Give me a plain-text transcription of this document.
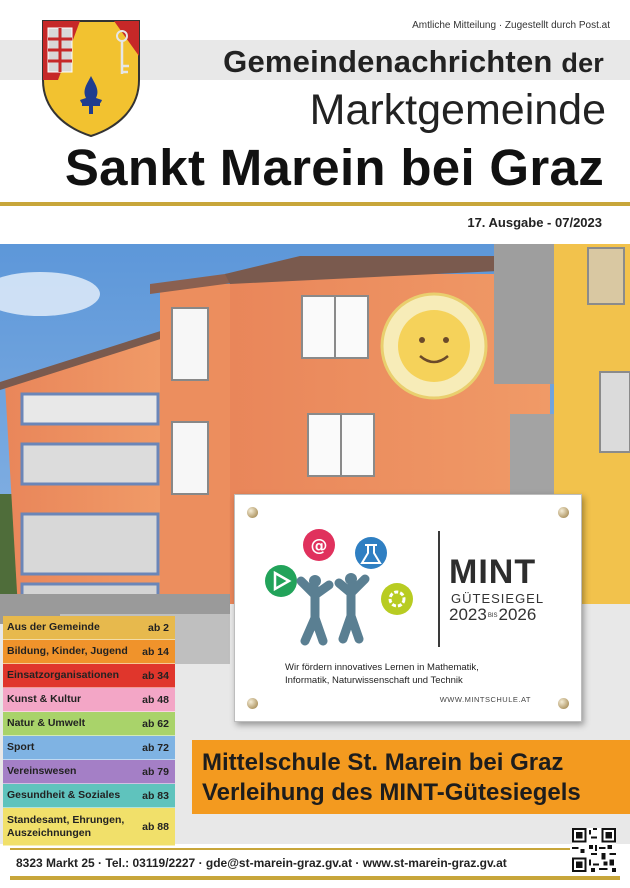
Amtliche Mitteilung · Zugestellt durch Post.at
Gemeindenachrichten der
Marktgemeinde
Sankt Marein bei Graz
17. Ausgabe - 07/2023
Aus der Gemeinde	ab 2
Bildung, Kinder, Jugend ab 14
Einsatzorganisationen ab 34
Kunst & Kultur	ab 48
Natur & Umwelt	ab 62
Sport	ab 72
Vereinswesen	ab 79
Gesundheit & Soziales ab 83
Standesamt, Ehrungen, Auszeichnungen	ab 88
@
MINT
GÜTESIEGEL
2023BIS2026
Wir fördern innovatives Lernen in Mathematik,
Informatik, Naturwissenschaft und Technik
WWW.MINTSCHULE.AT
Mittelschule St. Marein bei Graz
Verleihung des MINT-Gütesiegels
8323 Markt 25 · Tel.: 03119/2227 · gde@st-marein-graz.gv.at · www.st-marein-graz.gv.at
